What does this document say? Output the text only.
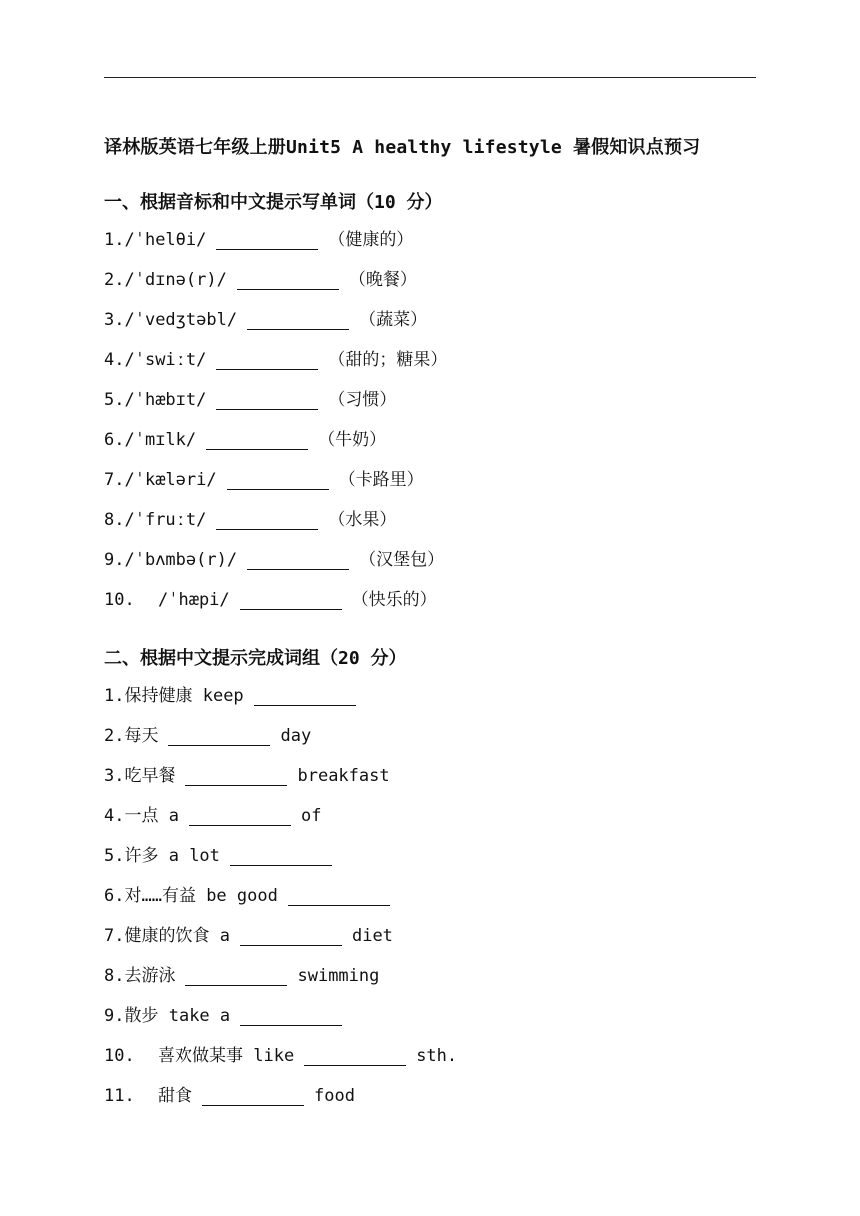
译林版英语七年级上册Unit5 A healthy lifestyle 暑假知识点预习
一、根据音标和中文提示写单词（10 分）
1. /ˈhelθi/	（健康的）
2. /ˈdɪnə(r)/	（晚餐）
3. /ˈvedʒtəbl/	（蔬菜）
4. /ˈswiːt/	（甜的；糖果）
5. /ˈhæbɪt/	（习惯）
6. /ˈmɪlk/	（牛奶）
7. /ˈkæləri/	（卡路里）
8. /ˈfruːt/	（水果）
9. /ˈbʌmbə(r)/	（汉堡包）
10.	/ˈhæpi/	（快乐的）
二、根据中文提示完成词组（20 分）
1. 保持健康 keep
2. 每天	day
3. 吃早餐	breakfast
4. 一点 a	of
5. 许多 a lot
6. 对……有益 be good
7. 健康的饮食 a	diet
8. 去游泳	swimming
9. 散步 take a
10.	喜欢做某事 like	sth.
11.	甜食	food
